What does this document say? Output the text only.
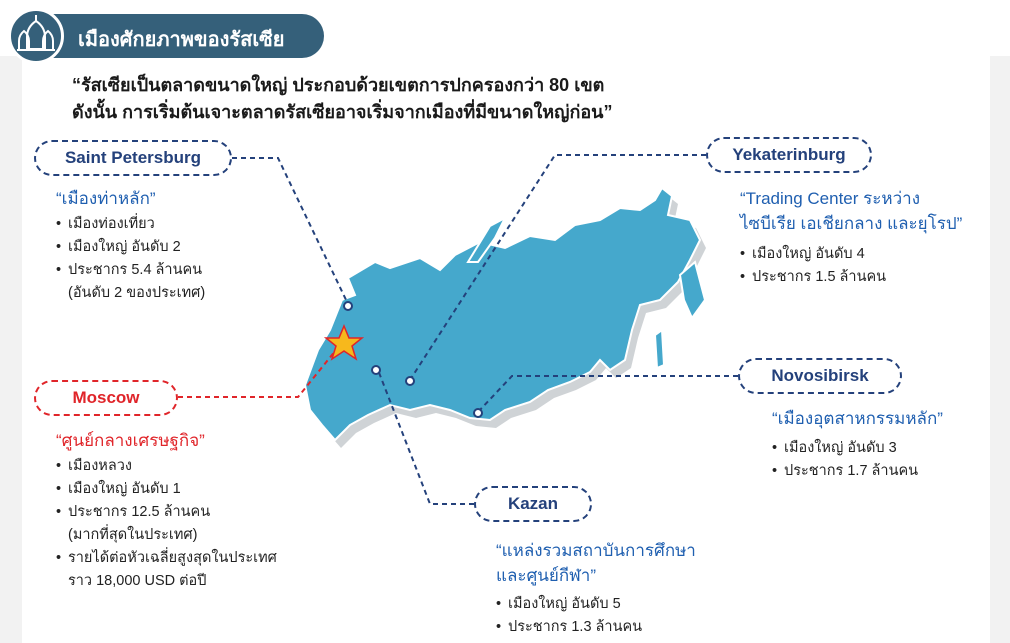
เมืองศักยภาพของรัสเซีย
“รัสเซียเป็นตลาดขนาดใหญ่ ประกอบด้วยเขตการปกครองกว่า 80 เขต
ดังนั้น การเริ่มต้นเจาะตลาดรัสเซียอาจเริ่มจากเมืองที่มีขนาดใหญ่ก่อน”
Saint Petersburg
“เมืองท่าหลัก”
• เมืองท่องเที่ยว
• เมืองใหญ่ อันดับ 2
• ประชากร 5.4 ล้านคน
(อันดับ 2 ของประเทศ)
Moscow
“ศูนย์กลางเศรษฐกิจ”
• เมืองหลวง
• เมืองใหญ่ อันดับ 1
• ประชากร 12.5 ล้านคน
(มากที่สุดในประเทศ)
• รายได้ต่อหัวเฉลี่ยสูงสุดในประเทศ
ราว 18,000 USD ต่อปี
Yekaterinburg
“Trading Center ระหว่าง
ไซบีเรีย เอเชียกลาง และยุโรป”
• เมืองใหญ่ อันดับ 4
• ประชากร 1.5 ล้านคน
Novosibirsk
“เมืองอุตสาหกรรมหลัก”
• เมืองใหญ่ อันดับ 3
• ประชากร 1.7 ล้านคน
Kazan
“แหล่งรวมสถาบันการศึกษา
และศูนย์กีฬา”
• เมืองใหญ่ อันดับ 5
• ประชากร 1.3 ล้านคน
